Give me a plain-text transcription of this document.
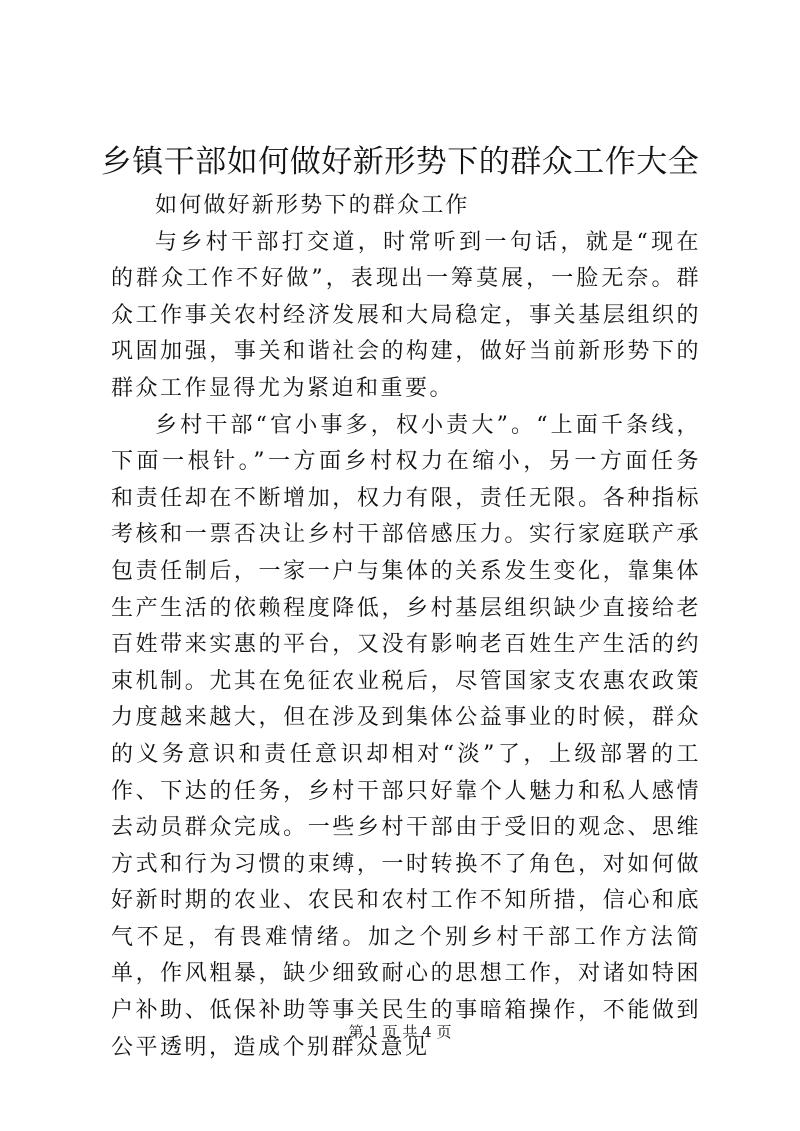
乡镇干部如何做好新形势下的群众工作大全

如何做好新形势下的群众工作

与乡村干部打交道，时常听到一句话，就是“现在的群众工作不好做”，表现出一筹莫展，一脸无奈。群众工作事关农村经济发展和大局稳定，事关基层组织的巩固加强，事关和谐社会的构建，做好当前新形势下的群众工作显得尤为紧迫和重要。

乡村干部“官小事多，权小责大”。“上面千条线，下面一根针。”一方面乡村权力在缩小，另一方面任务和责任却在不断增加，权力有限，责任无限。各种指标考核和一票否决让乡村干部倍感压力。实行家庭联产承包责任制后，一家一户与集体的关系发生变化，靠集体生产生活的依赖程度降低，乡村基层组织缺少直接给老百姓带来实惠的平台，又没有影响老百姓生产生活的约束机制。尤其在免征农业税后，尽管国家支农惠农政策力度越来越大，但在涉及到集体公益事业的时候，群众的义务意识和责任意识却相对“淡”了，上级部署的工作、下达的任务，乡村干部只好靠个人魅力和私人感情去动员群众完成。一些乡村干部由于受旧的观念、思维方式和行为习惯的束缚，一时转换不了角色，对如何做好新时期的农业、农民和农村工作不知所措，信心和底气不足，有畏难情绪。加之个别乡村干部工作方法简单，作风粗暴，缺少细致耐心的思想工作，对诸如特困户补助、低保补助等事关民生的事暗箱操作，不能做到公平透明，造成个别群众意见

第 1 页 共 4 页
